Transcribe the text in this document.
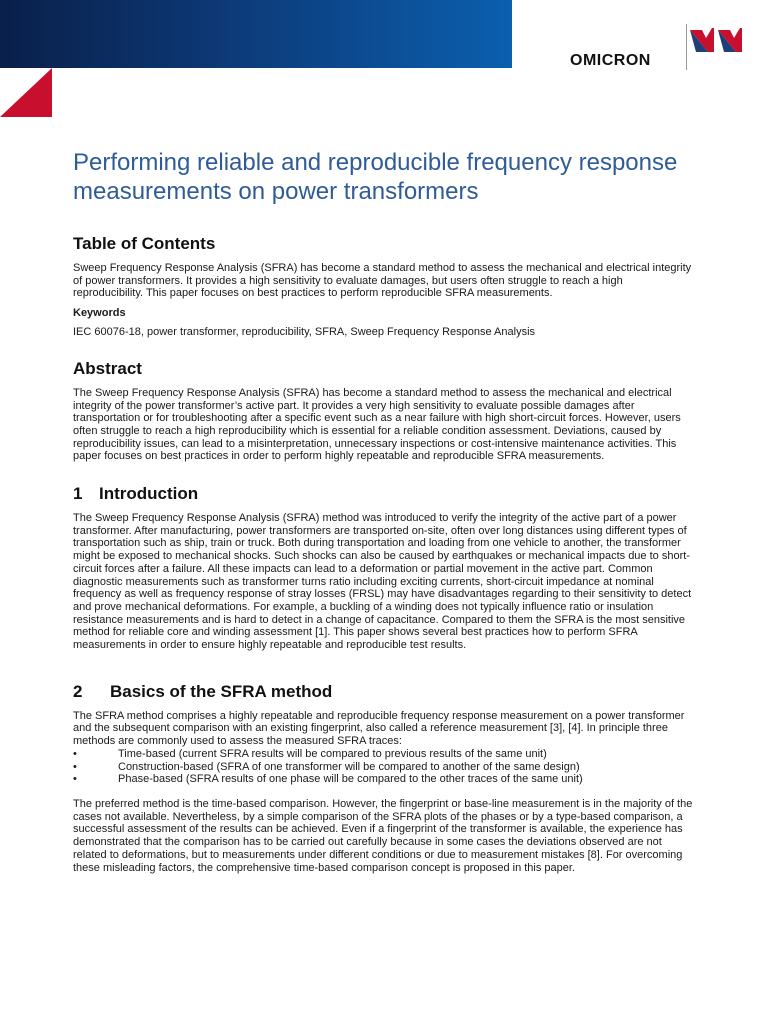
OMICRON
Performing reliable and reproducible frequency response measurements on power transformers
Table of Contents

Sweep Frequency Response Analysis (SFRA) has become a standard method to assess the mechanical and electrical integrity of power transformers. It provides a high sensitivity to evaluate damages, but users often struggle to reach a high reproducibility. This paper focuses on best practices to perform reproducible SFRA measurements.

Keywords

IEC 60076-18, power transformer, reproducibility, SFRA, Sweep Frequency Response Analysis

Abstract

The Sweep Frequency Response Analysis (SFRA) has become a standard method to assess the mechanical and electrical integrity of the power transformer’s active part. It provides a very high sensitivity to evaluate possible damages after transportation or for troubleshooting after a specific event such as a near failure with high short-circuit forces. However, users often struggle to reach a high reproducibility which is essential for a reliable condition assessment. Deviations, caused by reproducibility issues, can lead to a misinterpretation, unnecessary inspections or cost-intensive maintenance activities. This paper focuses on best practices in order to perform highly repeatable and reproducible SFRA measurements.

1 Introduction

The Sweep Frequency Response Analysis (SFRA) method was introduced to verify the integrity of the active part of a power transformer. After manufacturing, power transformers are transported on-site, often over long distances using different types of transportation such as ship, train or truck. Both during transportation and loading from one vehicle to another, the transformer might be exposed to mechanical shocks. Such shocks can also be caused by earthquakes or mechanical impacts due to short-circuit forces after a failure. All these impacts can lead to a deformation or partial movement in the active part. Common diagnostic measurements such as transformer turns ratio including exciting currents, short-circuit impedance at nominal frequency as well as frequency response of stray losses (FRSL) may have disadvantages regarding to their sensitivity to detect and prove mechanical deformations. For example, a buckling of a winding does not typically influence ratio or insulation resistance measurements and is hard to detect in a change of capacitance. Compared to them the SFRA is the most sensitive method for reliable core and winding assessment [1]. This paper shows several best practices how to perform SFRA measurements in order to ensure highly repeatable and reproducible test results.

2 Basics of the SFRA method

The SFRA method comprises a highly repeatable and reproducible frequency response measurement on a power transformer and the subsequent comparison with an existing fingerprint, also called a reference measurement [3], [4]. In principle three methods are commonly used to assess the measured SFRA traces:

• Time-based (current SFRA results will be compared to previous results of the same unit)
• Construction-based (SFRA of one transformer will be compared to another of the same design)
• Phase-based (SFRA results of one phase will be compared to the other traces of the same unit)

The preferred method is the time-based comparison. However, the fingerprint or base-line measurement is in the majority of the cases not available. Nevertheless, by a simple comparison of the SFRA plots of the phases or by a type-based comparison, a successful assessment of the results can be achieved. Even if a fingerprint of the transformer is available, the experience has demonstrated that the comparison has to be carried out carefully because in some cases the deviations observed are not related to deformations, but to measurements under different conditions or due to measurement mistakes [8]. For overcoming these misleading factors, the comprehensive time-based comparison concept is proposed in this paper.
